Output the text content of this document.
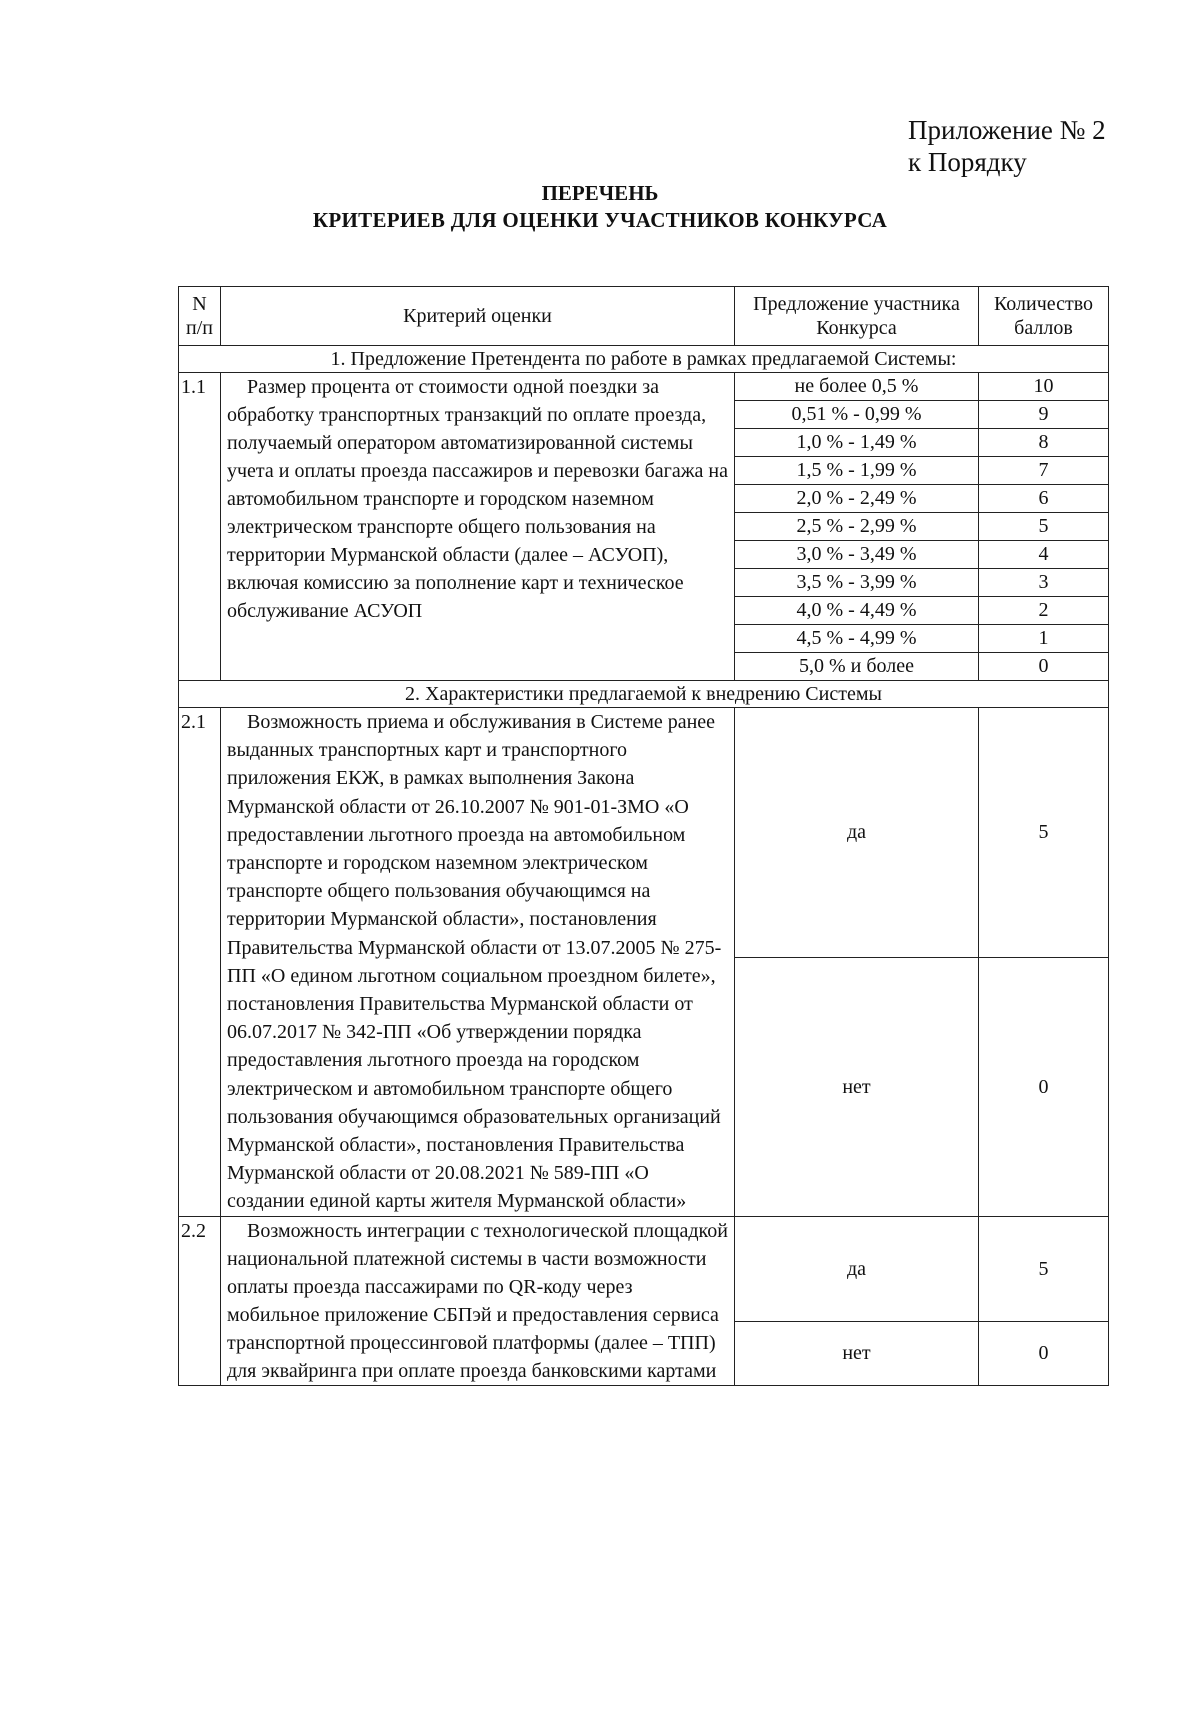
Приложение № 2
к Порядку
ПЕРЕЧЕНЬ
КРИТЕРИЕВ ДЛЯ ОЦЕНКИ УЧАСТНИКОВ КОНКУРСА
N п/п	Критерий оценки	Предложение участника Конкурса	Количество баллов
1. Предложение Претендента по работе в рамках предлагаемой Системы:			
1.1	Размер процента от стоимости одной поездки за обработку транспортных транзакций по оплате проезда, получаемый оператором автоматизированной системы учета и оплаты проезда пассажиров и перевозки багажа на автомобильном транспорте и городском наземном электрическом транспорте общего пользования на территории Мурманской области (далее – АСУОП), включая комиссию за пополнение карт и техническое обслуживание АСУОП	не более 0,5 %	10
		0,51 % - 0,99 %	9
		1,0 % - 1,49 %	8
		1,5 % - 1,99 %	7
		2,0 % - 2,49 %	6
		2,5 % - 2,99 %	5
		3,0 % - 3,49 %	4
		3,5 % - 3,99 %	3
		4,0 % - 4,49 %	2
		4,5 % - 4,99 %	1
		5,0 % и более	0
2. Характеристики предлагаемой к внедрению Системы			
2.1	Возможность приема и обслуживания в Системе ранее выданных транспортных карт и транспортного приложения ЕКЖ, в рамках выполнения Закона Мурманской области от 26.10.2007 № 901-01-ЗМО «О предоставлении льготного проезда на автомобильном транспорте и городском наземном электрическом транспорте общего пользования обучающимся на территории Мурманской области», постановления Правительства Мурманской области от 13.07.2005 № 275-ПП «О едином льготном социальном проездном билете», постановления Правительства Мурманской области от 06.07.2017 № 342-ПП «Об утверждении порядка предоставления льготного проезда на городском электрическом и автомобильном транспорте общего пользования обучающимся образовательных организаций Мурманской области», постановления Правительства Мурманской области от 20.08.2021 № 589-ПП «О создании единой карты жителя Мурманской области»	да	5
		нет	0
2.2	Возможность интеграции с технологической площадкой национальной платежной системы в части возможности оплаты проезда пассажирами по QR-коду через мобильное приложение СБПэй и предоставления сервиса транспортной процессинговой платформы (далее – ТПП) для эквайринга при оплате проезда банковскими картами	да	5
		нет	0
